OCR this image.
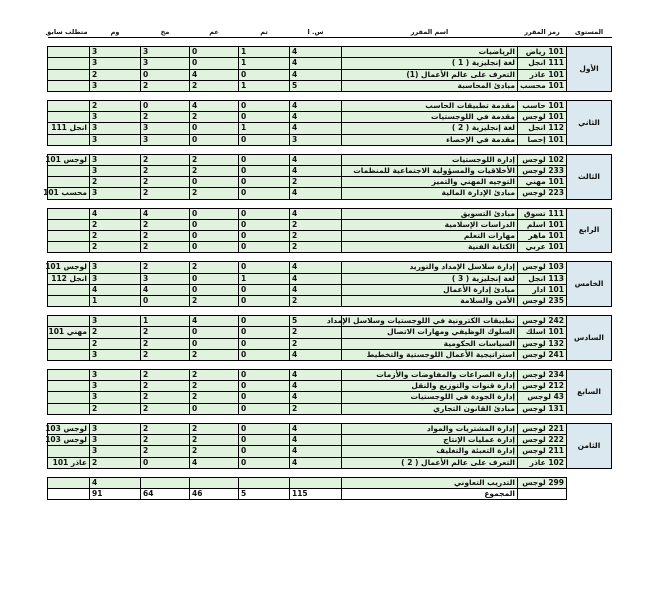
المستوى	رمز المقرر	اسم المقرر	س. ا	تم	عم	مخ	وم	متطلب سابق

الأول	101 رياض	الرياضيات	4	1	0	3	3	
	111 انجل	لغة إنجليزية ( 1 )	4	1	0	3	3	
	101 عاذر	التعرف على عالم الأعمال (1)	4	0	4	0	2	
	101 محسب	مبادئ المحاسبة	5	1	2	2	3	

الثاني	101 حاسب	مقدمة تطبيقات الحاسب	4	0	4	0	2	
	101 لوجس	مقدمة في اللوجستيات	4	0	2	2	3	
	112 انجل	لغة إنجليزية ( 2 )	4	1	0	3	3	انجل 111
	101 إحصا	مقدمة في الإحصاء	3	0	0	3	3	

الثالث	102 لوجس	إدارة اللوجستيات	4	0	2	2	3	لوجس 101
	233 لوجس	الأخلاقيات والمسؤولية الاجتماعية للمنظمات	4	0	2	2	3	
	101 مهني	التوجيه المهني والتميز	2	0	0	2	2	
	223 لوجس	مبادئ الإدارة المالية	4	0	2	2	3	محسب 101

الرابع	111 تسوق	مبادئ التسويق	4	0	0	4	4	
	101 اسلم	الدراسات الإسلامية	2	0	0	2	2	
	101 ماهر	مهارات التعلم	2	0	0	2	2	
	101 عربي	الكتابة الفنية	2	0	0	2	2	

الخامس	103 لوجس	إدارة سلاسل الإمداد والتوريد	4	0	2	2	3	لوجس 101
	113 انجل	لغة إنجليزية ( 3 )	4	1	0	3	3	انجل 112
	101 ادار	مبادئ إدارة الأعمال	4	0	0	4	4	
	235 لوجس	الأمن والسلامة	2	0	2	0	1	

السادس	242 لوجس	تطبيقات الكترونية في اللوجستيات وسلاسل الإمداد	5	0	4	1	3	
	101 اسلك	السلوك الوظيفي ومهارات الاتصال	2	0	0	2	2	مهني 101
	132 لوجس	السياسات الحكومية	2	0	0	2	2	
	241 لوجس	استراتيجية الأعمال اللوجستية والتخطيط	4	0	2	2	3	

السابع	234 لوجس	إدارة الصراعات والمفاوضات والأزمات	4	0	2	2	3	
	212 لوجس	إدارة قنوات والتوزيع والنقل	4	0	2	2	3	
	43 لوجس	إدارة الجودة في اللوجستيات	4	0	2	2	3	
	131 لوجس	مبادئ القانون التجاري	2	0	0	2	2	

الثامن	221 لوجس	إدارة المشتريات والمواد	4	0	2	2	3	لوجس 103
	222 لوجس	إدارة عمليات الإنتاج	4	0	2	2	3	لوجس 103
	211 لوجس	إدارة التعبئة والتغليف	4	0	2	2	3	
	102 عاذر	التعرف على عالم الأعمال ( 2 )	4	0	4	0	2	عاذر 101

	299 لوجس	التدريب التعاوني					4	
		المجموع	115	5	46	64	91	
